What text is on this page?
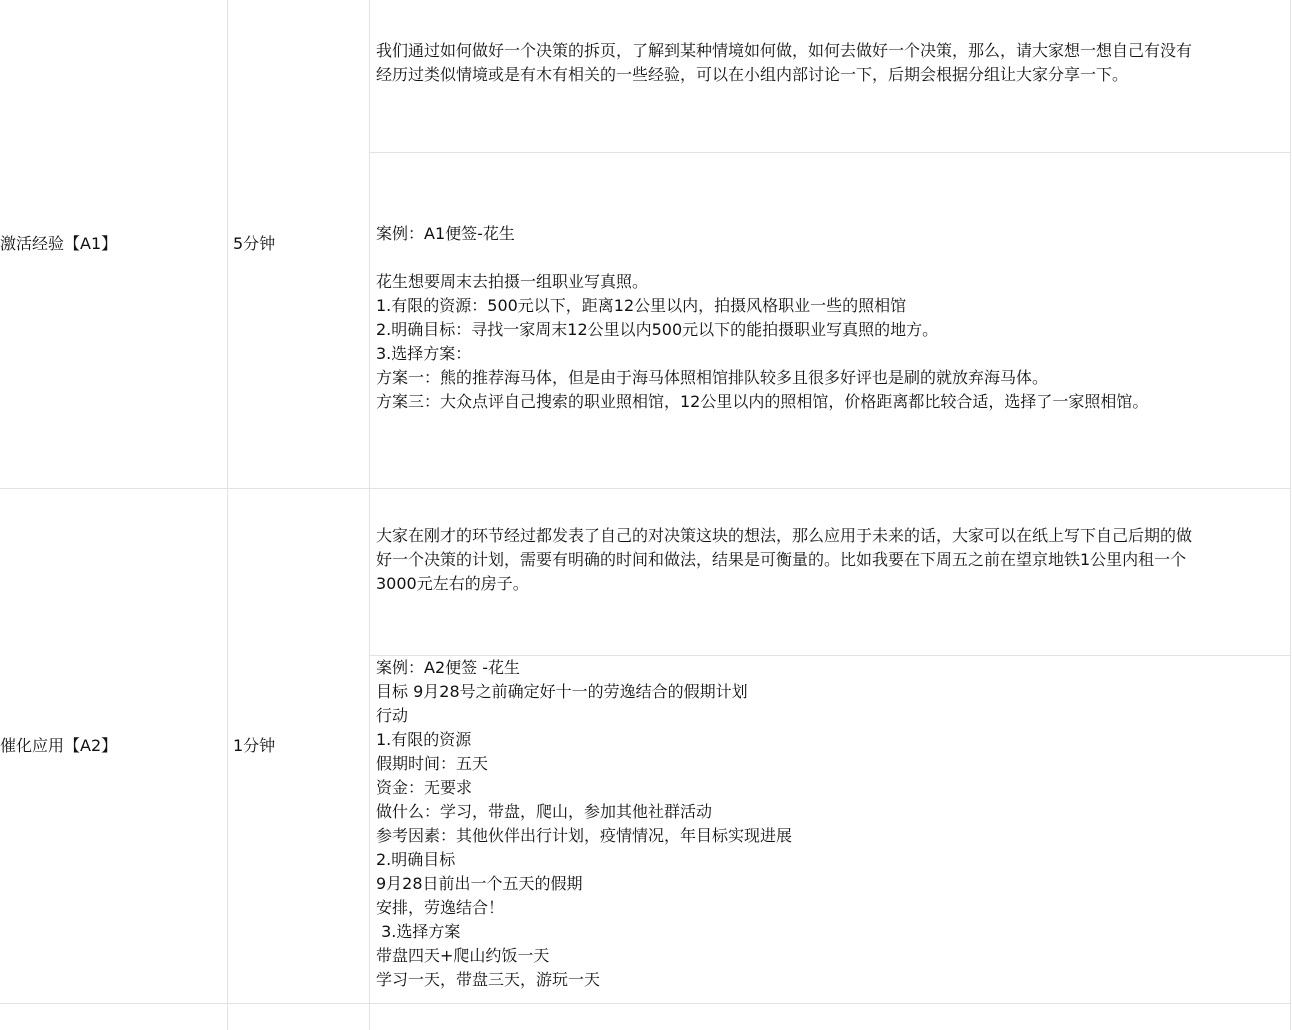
激活经验【A1】	5分钟
我们通过如何做好一个决策的拆页，了解到某种情境如何做，如何去做好一个决策，那么，请大家想一想自己有没有
经历过类似情境或是有木有相关的一些经验，可以在小组内部讨论一下，后期会根据分组让大家分享一下。
案例：A1便签-花生
花生想要周末去拍摄一组职业写真照。
1.有限的资源：500元以下，距离12公里以内，拍摄风格职业一些的照相馆
2.明确目标：寻找一家周末12公里以内500元以下的能拍摄职业写真照的地方。
3.选择方案：
方案一：熊的推荐海马体，但是由于海马体照相馆排队较多且很多好评也是刷的就放弃海马体。
方案三：大众点评自己搜索的职业照相馆，12公里以内的照相馆，价格距离都比较合适，选择了一家照相馆。
催化应用【A2】	1分钟
大家在刚才的环节经过都发表了自己的对决策这块的想法，那么应用于未来的话，大家可以在纸上写下自己后期的做
好一个决策的计划，需要有明确的时间和做法，结果是可衡量的。比如我要在下周五之前在望京地铁1公里内租一个
3000元左右的房子。
案例：A2便签 -花生
目标 9月28号之前确定好十一的劳逸结合的假期计划
行动
1.有限的资源
假期时间：五天
资金：无要求
做什么：学习，带盘，爬山，参加其他社群活动
参考因素：其他伙伴出行计划，疫情情况，年目标实现进展
2.明确目标
9月28日前出一个五天的假期
安排，劳逸结合！
3.选择方案
带盘四天+爬山约饭一天
学习一天，带盘三天，游玩一天
